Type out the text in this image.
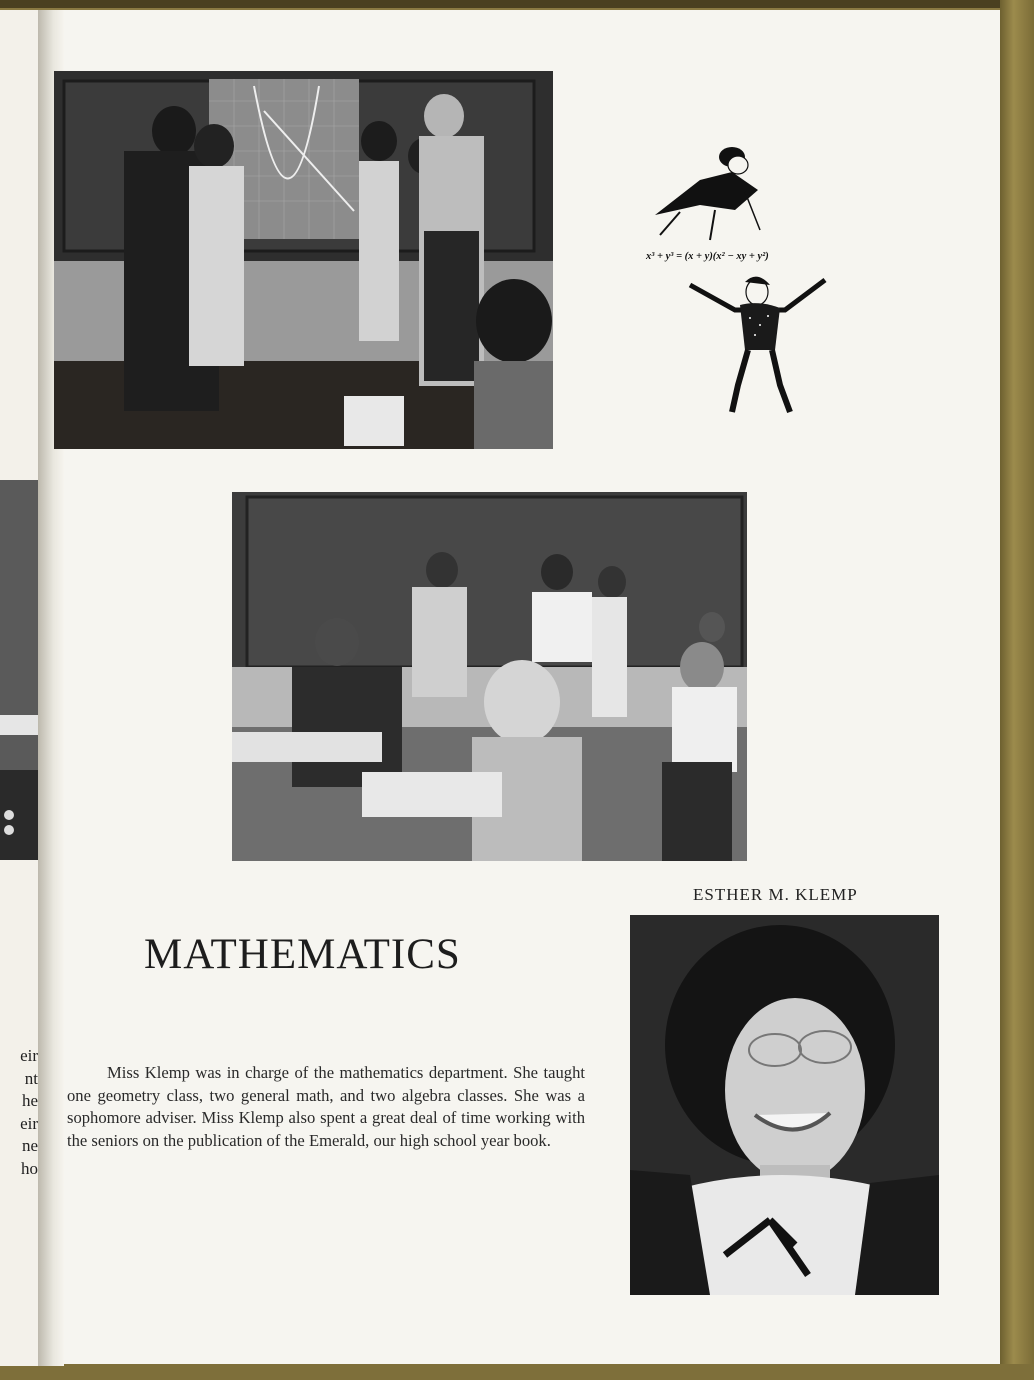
eir
nt
he
eir
ne
ho
x³ + y³ = (x + y)(x² − xy + y²)
ESTHER M. KLEMP
MATHEMATICS
Miss Klemp was in charge of the mathematics department. She taught one geometry class, two general math, and two algebra classes. She was a sophomore adviser. Miss Klemp also spent a great deal of time working with the seniors on the publication of the Emerald, our high school year book.
